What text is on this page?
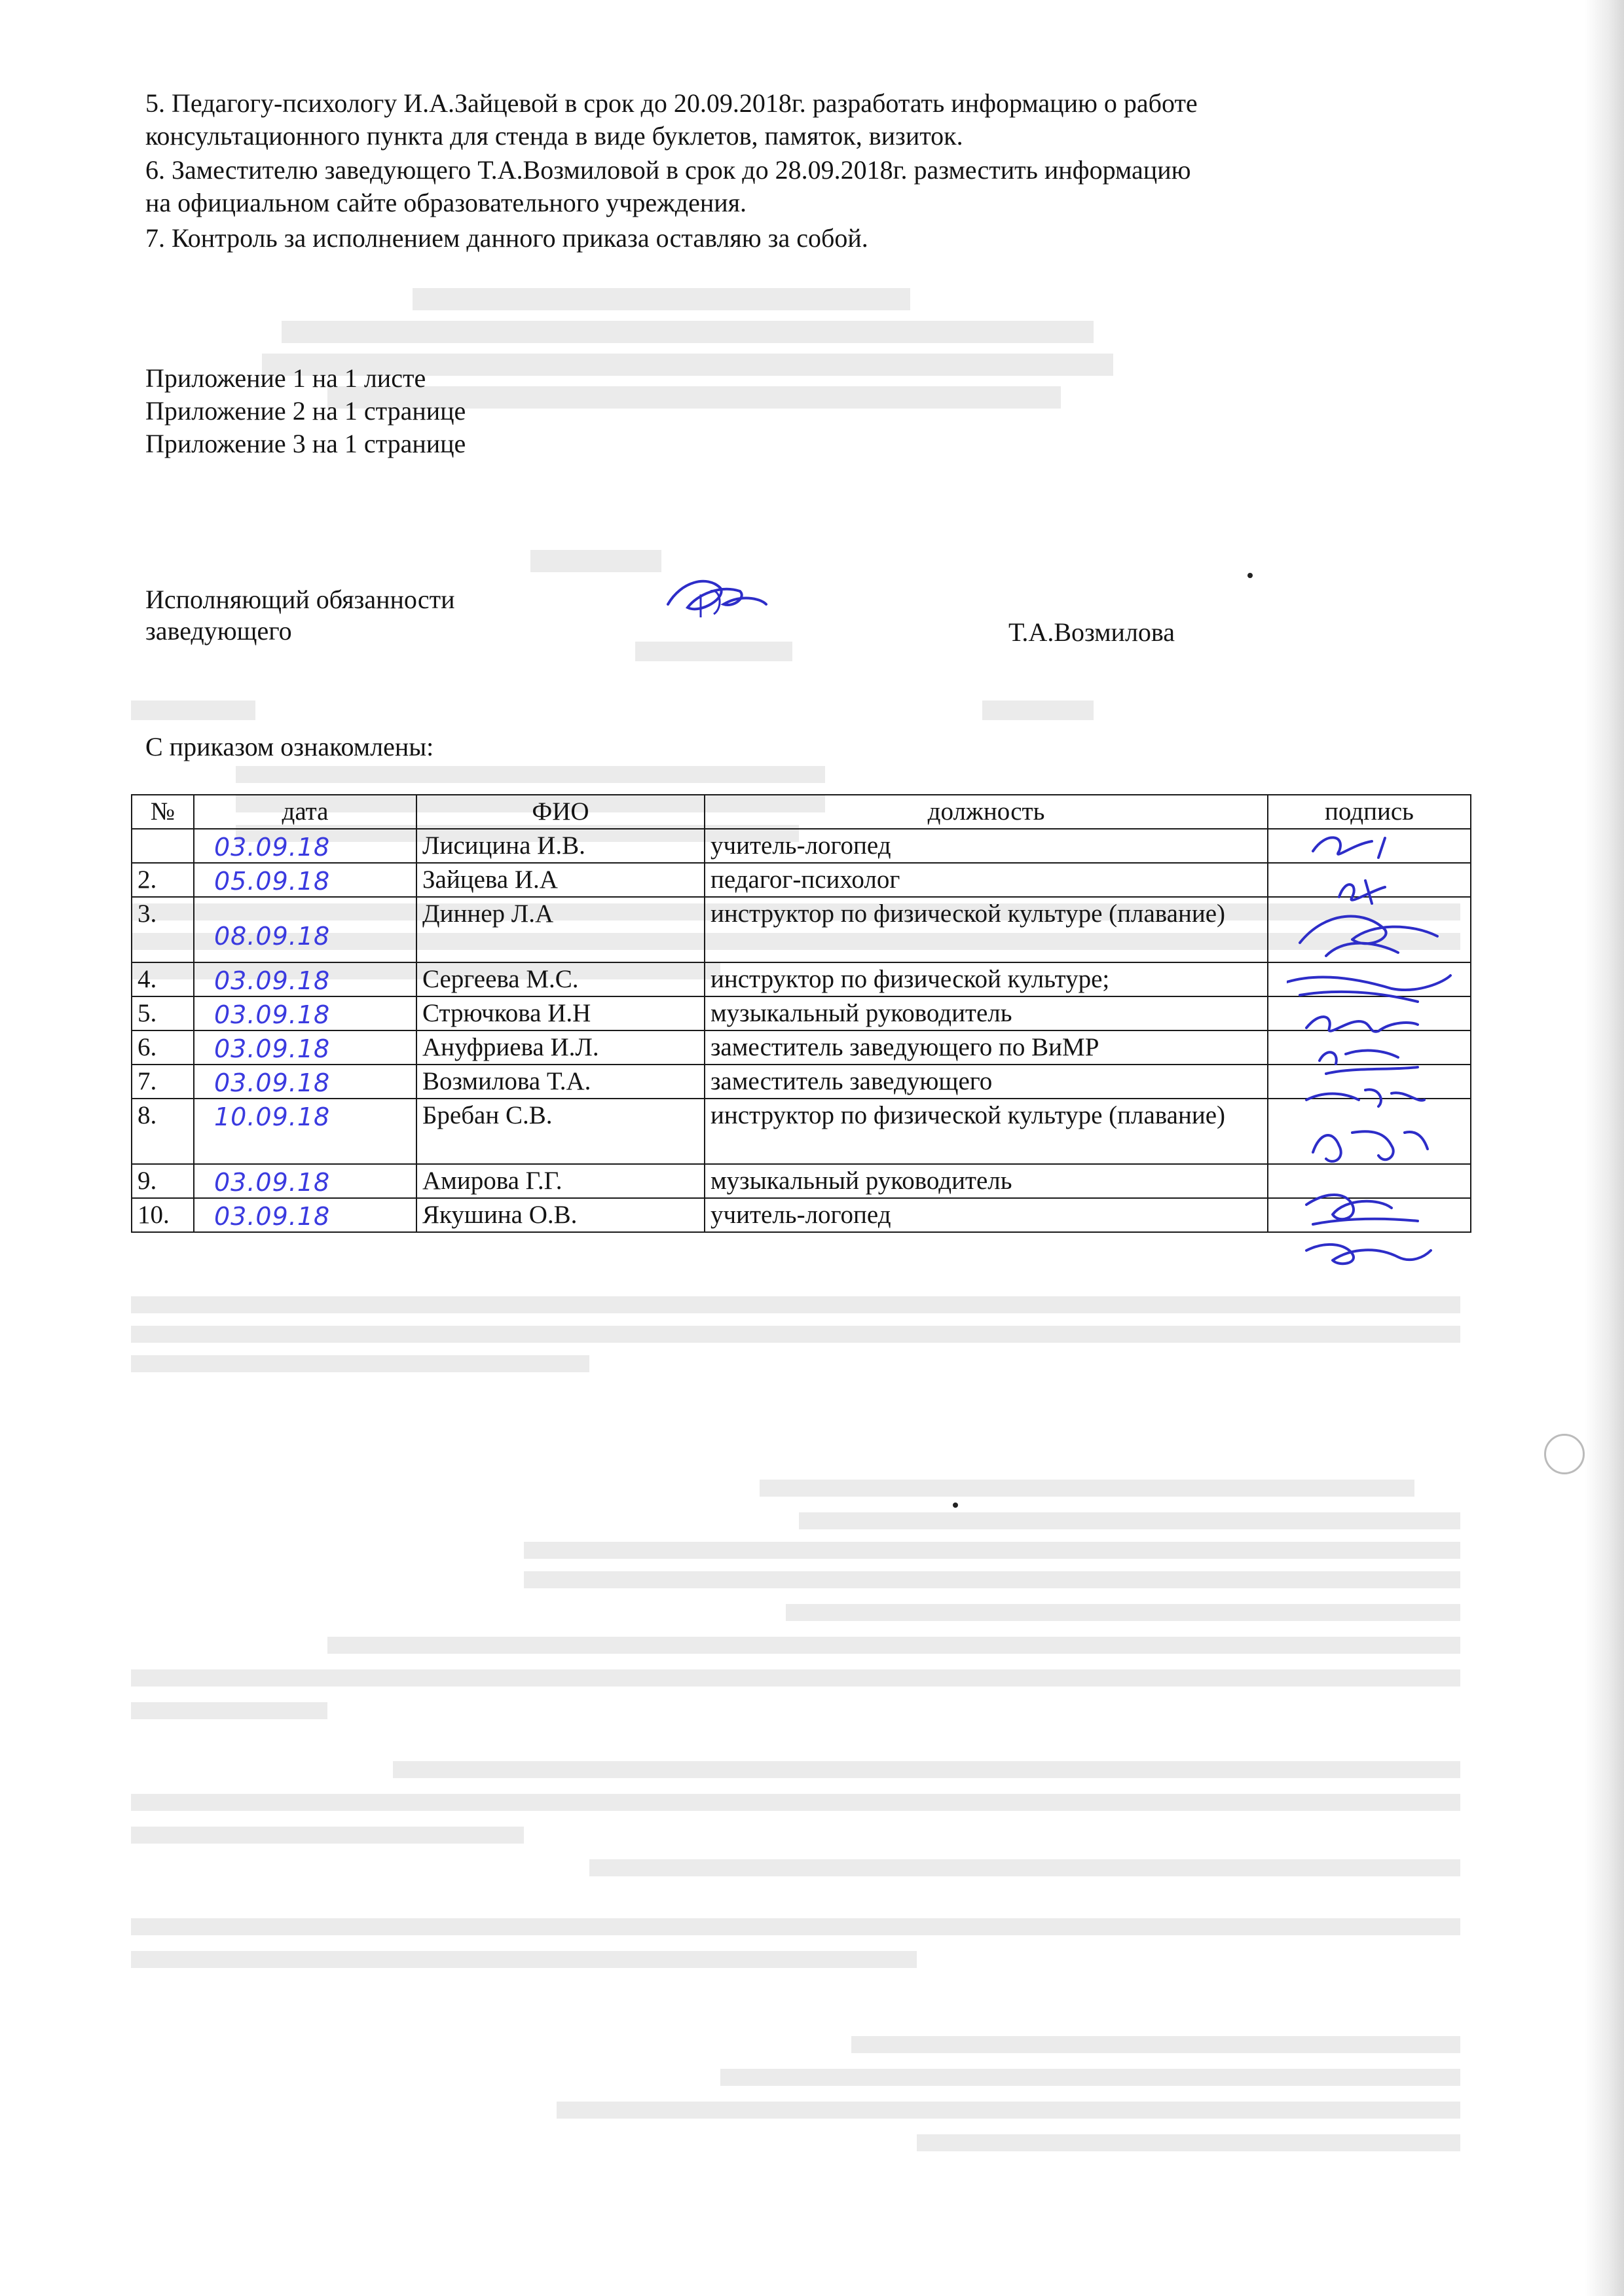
5. Педагогу-психологу И.А.Зайцевой в срок до 20.09.2018г. разработать информацию о работе

консультационного пункта для стенда в виде буклетов, памяток, визиток.

6. Заместителю заведующего Т.А.Возмиловой в срок до 28.09.2018г. разместить информацию

на официальном сайте образовательного учреждения.

7. Контроль за исполнением данного приказа оставляю за собой.

Приложение 1 на 1 листе
Приложение 2 на 1 странице
Приложение 3 на 1 странице
Исполняющий обязанности
заведующего	Т.А.Возмилова
С приказом ознакомлены:
№	дата	ФИО	должность	подпись

	03.09.18	Лисицина И.В.	учитель-логопед	
2.	05.09.18	Зайцева И.А	педагог-психолог	
3.	08.09.18	Диннер Л.А	инструктор по физической культуре (плавание)	
4.	03.09.18	Сергеева М.С.	инструктор по физической культуре;	
5.	03.09.18	Стрючкова И.Н	музыкальный руководитель	
6.	03.09.18	Ануфриева И.Л.	заместитель заведующего по ВиМР	
7.	03.09.18	Возмилова Т.А.	заместитель заведующего	
8.	10.09.18	Бребан С.В.	инструктор по физической культуре (плавание)	
9.	03.09.18	Амирова Г.Г.	музыкальный руководитель	
10.	03.09.18	Якушина О.В.	учитель-логопед	
